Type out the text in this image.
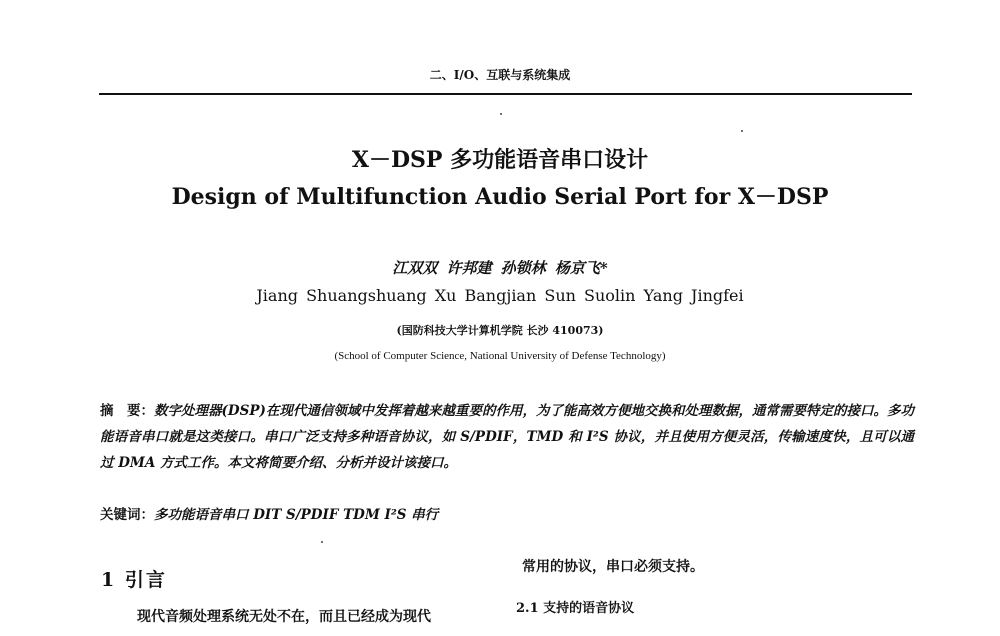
二、I/O、互联与系统集成
X－DSP 多功能语音串口设计
Design of Multifunction Audio Serial Port for X－DSP
江双双 许邦建 孙锁林 杨京飞*
Jiang Shuangshuang Xu Bangjian Sun Suolin Yang Jingfei
(国防科技大学计算机学院 长沙 410073)
(School of Computer Science, National University of Defense Technology)
摘　要：数字处理器(DSP)在现代通信领域中发挥着越来越重要的作用，为了能高效方便地交换和处理数据，通常需要特定的接口。多功能语音串口就是这类接口。串口广泛支持多种语音协议，如 S/PDIF，TMD 和 I²S 协议，并且使用方便灵活，传输速度快，且可以通过 DMA 方式工作。本文将简要介绍、分析并设计该接口。
关键词：多功能语音串口 DIT S/PDIF TDM I²S 串行
1 引言
现代音频处理系统无处不在，而且已经成为现代
常用的协议，串口必须支持。
2.1 支持的语音协议
